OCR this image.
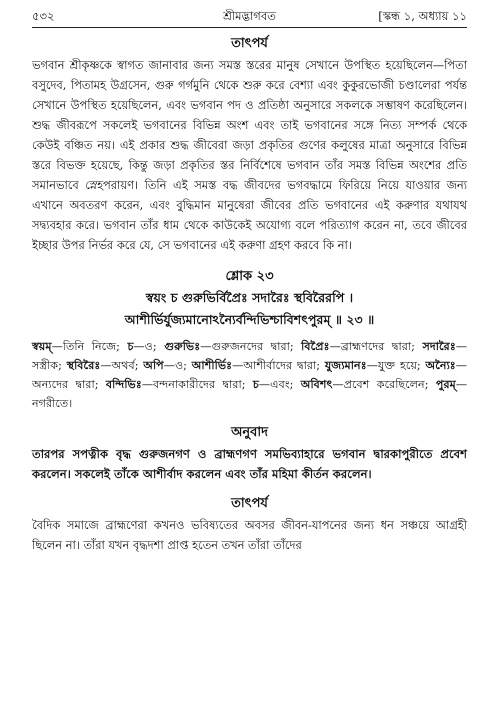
৫৩২	শ্রীমদ্ভাগবত	[স্কন্ধ ১, অধ্যায় ১১
তাৎপর্য

ভগবান শ্রীকৃষ্ণকে স্বাগত জানাবার জন্য সমস্ত স্তরের মানুষ সেখানে উপস্থিত হয়েছিলেন—পিতা বসুদেব, পিতামহ উগ্রসেন, গুরু গর্গমুনি থেকে শুরু করে বেশ্যা এবং কুকুরভোজী চণ্ডালেরা পর্যন্ত সেখানে উপস্থিত হয়েছিলেন, এবং ভগবান পদ ও প্রতিষ্ঠা অনুসারে সকলকে সম্ভাষণ করেছিলেন। শুদ্ধ জীবরূপে সকলেই ভগবানের বিভিন্ন অংশ এবং তাই ভগবানের সঙ্গে নিত্য সম্পর্ক থেকে কেউই বঞ্চিত নয়। এই প্রকার শুদ্ধ জীবেরা জড়া প্রকৃতির গুণের কলুষের মাত্রা অনুসারে বিভিন্ন স্তরে বিভক্ত হয়েছে, কিন্তু জড়া প্রকৃতির স্তর নির্বিশেষে ভগবান তাঁর সমস্ত বিভিন্ন অংশের প্রতি সমানভাবে স্নেহপরায়ণ। তিনি এই সমস্ত বদ্ধ জীবদের ভগবদ্ধামে ফিরিয়ে নিয়ে যাওয়ার জন্য এখানে অবতরণ করেন, এবং বুদ্ধিমান মানুষেরা জীবের প্রতি ভগবানের এই করুণার যথাযথ সদ্ব্যবহার করে। ভগবান তাঁর ধাম থেকে কাউকেই অযোগ্য বলে পরিত্যাগ করেন না, তবে জীবের ইচ্ছার উপর নির্ভর করে যে, সে ভগবানের এই করুণা গ্রহণ করবে কি না।

শ্লোক ২৩
স্বয়ং চ গুরুভির্বিপ্রৈঃ সদারৈঃ স্থবিরৈরপি ।
আশীর্ভির্যুজ্যমানোঽন্যৈর্বন্দিভিশ্চাবিশৎপুরম্ ॥ ২৩ ॥

স্বয়ম্—তিনি নিজে; চ—ও; গুরুভিঃ—গুরুজনদের দ্বারা; বিপ্রৈঃ—ব্রাহ্মণদের দ্বারা; সদারৈঃ—সস্ত্রীক; স্থবিরৈঃ—অথর্ব; অপি—ও; আশীর্ভিঃ—আশীর্বাদের দ্বারা; যুজ্যমানঃ—যুক্ত হয়ে; অন্যৈঃ—অন্যদের দ্বারা; বন্দিভিঃ—বন্দনাকারীদের দ্বারা; চ—এবং; অবিশৎ—প্রবেশ করেছিলেন; পুরম্—নগরীতে।

অনুবাদ

তারপর সপত্নীক বৃদ্ধ গুরুজনগণ ও ব্রাহ্মণগণ সমভিব্যাহারে ভগবান দ্বারকাপুরীতে প্রবেশ করলেন। সকলেই তাঁকে আশীর্বাদ করলেন এবং তাঁর মহিমা কীর্তন করলেন।

তাৎপর্য

বৈদিক সমাজে ব্রাহ্মণেরা কখনও ভবিষ্যতের অবসর জীবন-যাপনের জন্য ধন সঞ্চয়ে আগ্রহী ছিলেন না। তাঁরা যখন বৃদ্ধদশা প্রাপ্ত হতেন তখন তাঁরা তাঁদের
